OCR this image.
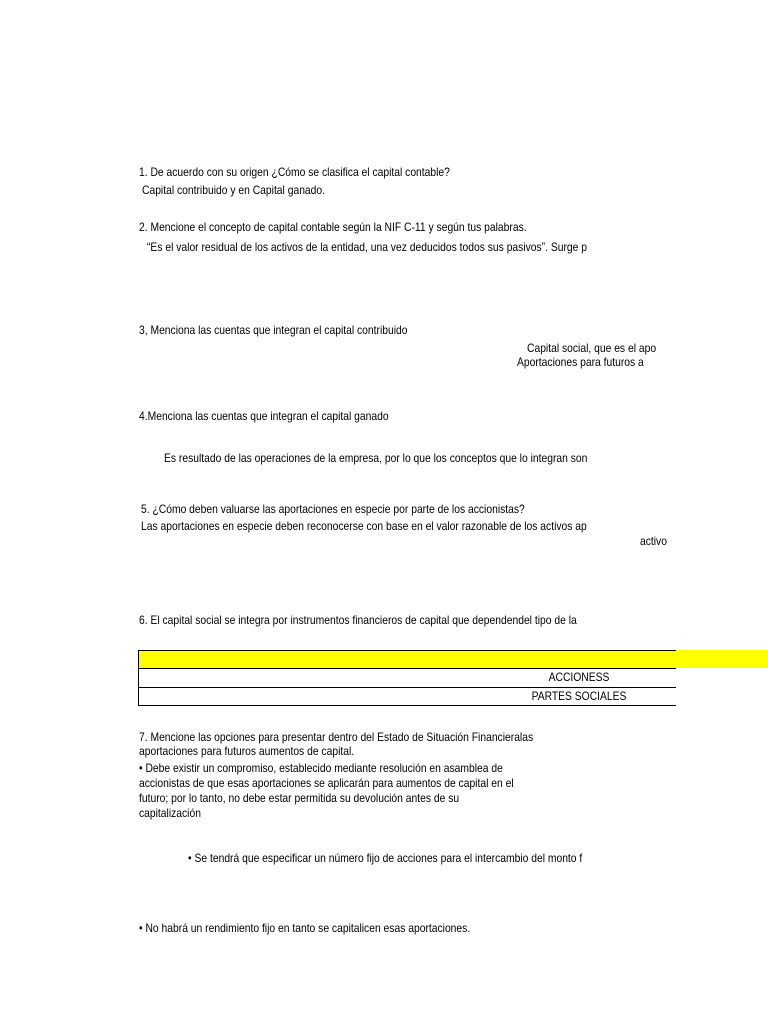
1. De acuerdo con su origen ¿Cómo se clasifica el capital contable?
Capital contribuido y en Capital ganado.
2. Mencione el concepto de capital contable según la NIF C-11 y según tus palabras.
“Es el valor residual de los activos de la entidad, una vez deducidos todos sus pasivos”. Surge p
3, Menciona las cuentas que integran el capital contribuido
Capital social, que es el apo
Aportaciones para futuros a
4.Menciona las cuentas que integran el capital ganado
Es resultado de las operaciones de la empresa, por lo que los conceptos que lo integran son
5. ¿Cómo deben valuarse las aportaciones en especie por parte de los accionistas?
Las aportaciones en especie deben reconocerse con base en el valor razonable de los activos ap
activo
6. El capital social se integra por instrumentos financieros de capital que dependendel tipo de la
ACCIONESS
PARTES SOCIALES
7. Mencione las opciones para presentar dentro del Estado de Situación Financieralas
aportaciones para futuros aumentos de capital.
• Debe existir un compromiso, establecido mediante resolución en asamblea de
accionistas de que esas aportaciones se aplicarán para aumentos de capital en el
futuro; por lo tanto, no debe estar permitida su devolución antes de su
capitalización
• Se tendrá que especificar un número fijo de acciones para el intercambio del monto f
• No habrá un rendimiento fijo en tanto se capitalicen esas aportaciones.
